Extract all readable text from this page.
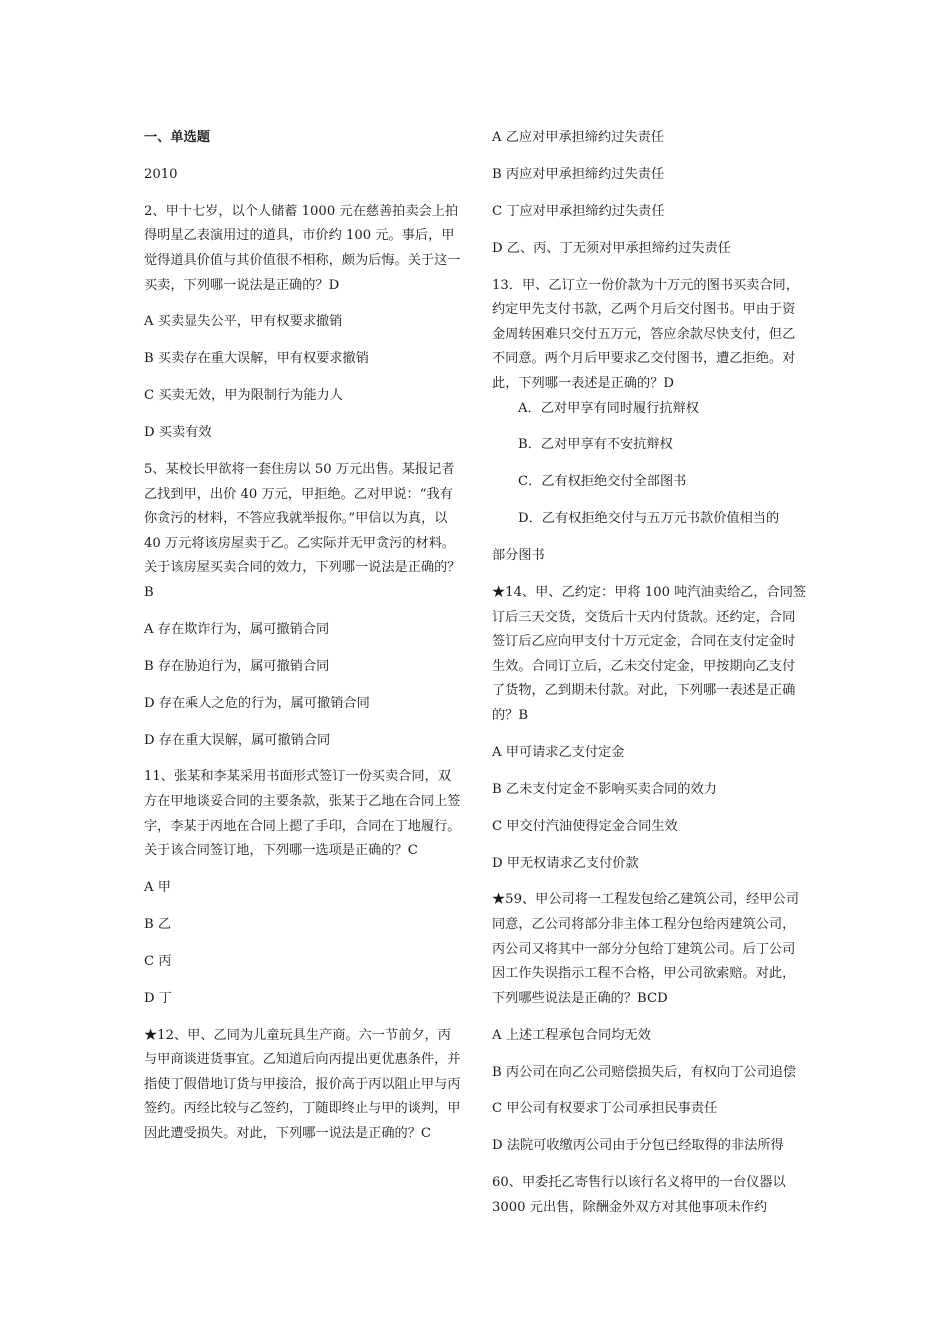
一、单选题

2010

2、甲十七岁，以个人储蓄 1000 元在慈善拍卖会上拍得明星乙表演用过的道具，市价约 100 元。事后，甲觉得道具价值与其价值很不相称，颇为后悔。关于这一买卖，下列哪一说法是正确的？D

A 买卖显失公平，甲有权要求撤销

B 买卖存在重大误解，甲有权要求撤销

C 买卖无效，甲为限制行为能力人

D 买卖有效

5、某校长甲欲将一套住房以 50 万元出售。某报记者乙找到甲，出价 40 万元，甲拒绝。乙对甲说：“我有你贪污的材料，不答应我就举报你。”甲信以为真，以 40 万元将该房屋卖于乙。乙实际并无甲贪污的材料。关于该房屋买卖合同的效力，下列哪一说法是正确的？B

A 存在欺诈行为，属可撤销合同

B 存在胁迫行为，属可撤销合同

D 存在乘人之危的行为，属可撤销合同

D 存在重大误解，属可撤销合同

11、张某和李某采用书面形式签订一份买卖合同，双方在甲地谈妥合同的主要条款，张某于乙地在合同上签字，李某于丙地在合同上摁了手印，合同在丁地履行。关于该合同签订地，下列哪一选项是正确的？C

A 甲

B 乙

C 丙

D 丁

★12、甲、乙同为儿童玩具生产商。六一节前夕，丙与甲商谈进货事宜。乙知道后向丙提出更优惠条件，并指使丁假借地订货与甲接洽，报价高于丙以阻止甲与丙签约。丙经比较与乙签约，丁随即终止与甲的谈判，甲因此遭受损失。对此，下列哪一说法是正确的？C

A 乙应对甲承担缔约过失责任

B 丙应对甲承担缔约过失责任

C 丁应对甲承担缔约过失责任

D 乙、丙、丁无须对甲承担缔约过失责任

13．甲、乙订立一份价款为十万元的图书买卖合同，约定甲先支付书款，乙两个月后交付图书。甲由于资金周转困难只交付五万元，答应余款尽快支付，但乙不同意。两个月后甲要求乙交付图书，遭乙拒绝。对此，下列哪一表述是正确的？D

A．乙对甲享有同时履行抗辩权

B．乙对甲享有不安抗辩权

C．乙有权拒绝交付全部图书

D．乙有权拒绝交付与五万元书款价值相当的

部分图书

★14、甲、乙约定：甲将 100 吨汽油卖给乙，合同签订后三天交货，交货后十天内付货款。还约定，合同签订后乙应向甲支付十万元定金，合同在支付定金时生效。合同订立后，乙未交付定金，甲按期向乙支付了货物，乙到期未付款。对此，下列哪一表述是正确的？B

A 甲可请求乙支付定金

B 乙未支付定金不影响买卖合同的效力

C 甲交付汽油使得定金合同生效

D 甲无权请求乙支付价款

★59、甲公司将一工程发包给乙建筑公司，经甲公司同意，乙公司将部分非主体工程分包给丙建筑公司，丙公司又将其中一部分分包给丁建筑公司。后丁公司因工作失误指示工程不合格，甲公司欲索赔。对此，下列哪些说法是正确的？BCD

A 上述工程承包合同均无效

B 丙公司在向乙公司赔偿损失后，有权向丁公司追偿

C 甲公司有权要求丁公司承担民事责任

D 法院可收缴丙公司由于分包已经取得的非法所得

60、甲委托乙寄售行以该行名义将甲的一台仪器以 3000 元出售，除酬金外双方对其他事项未作约
